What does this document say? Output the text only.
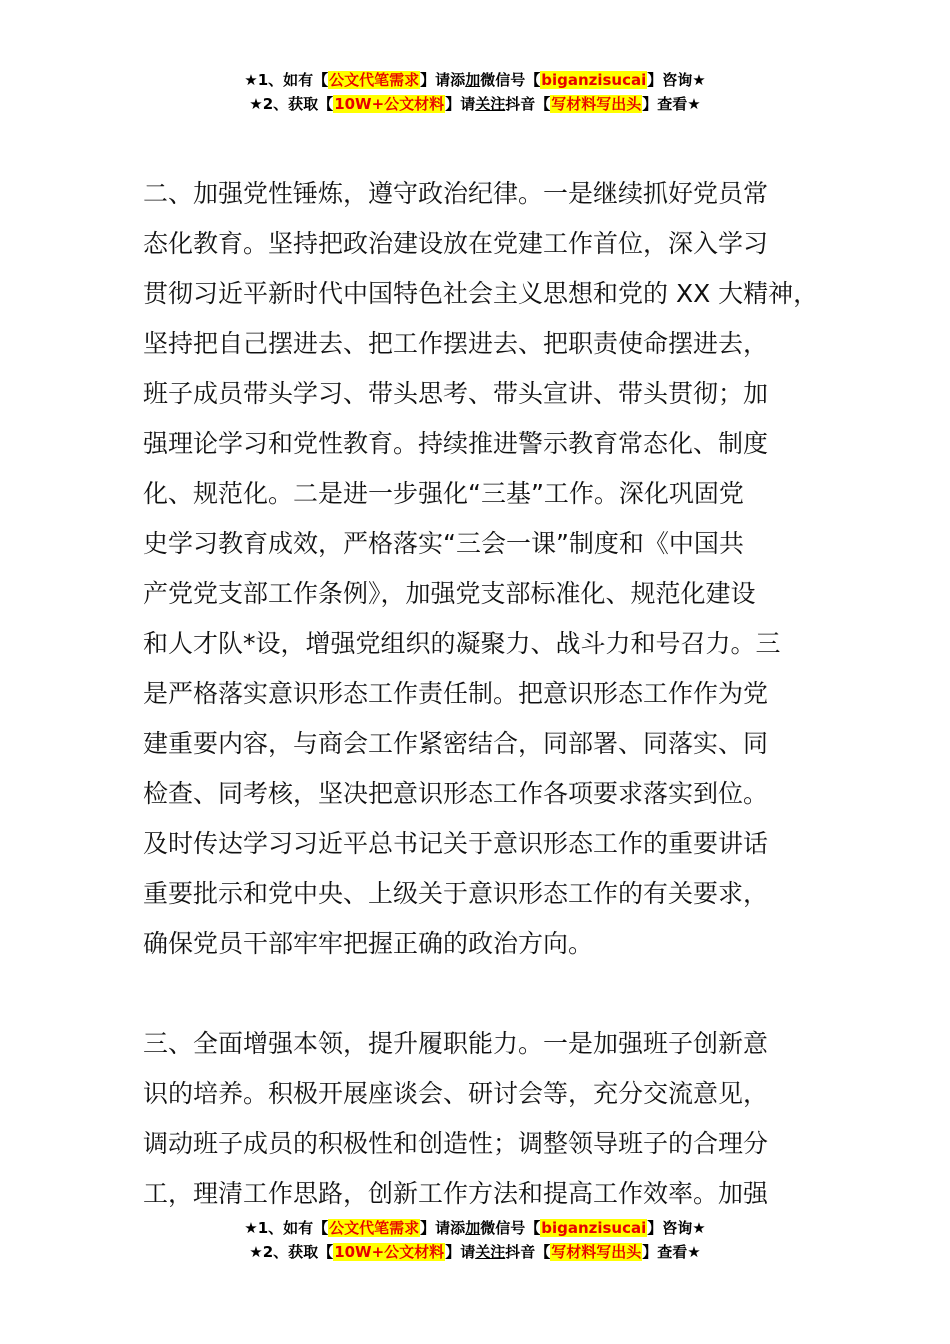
★1、如有【公文代笔需求】请添加微信号【biganzisucai】咨询★
★2、获取【10W+公文材料】请关注抖音【写材料写出头】查看★
二、加强党性锤炼，遵守政治纪律。一是继续抓好党员常
态化教育。坚持把政治建设放在党建工作首位，深入学习
贯彻习近平新时代中国特色社会主义思想和党的 XX 大精神，
坚持把自己摆进去、把工作摆进去、把职责使命摆进去，
班子成员带头学习、带头思考、带头宣讲、带头贯彻；加
强理论学习和党性教育。持续推进警示教育常态化、制度
化、规范化。二是进一步强化“三基”工作。深化巩固党
史学习教育成效，严格落实“三会一课”制度和《中国共
产党党支部工作条例》，加强党支部标准化、规范化建设
和人才队*设，增强党组织的凝聚力、战斗力和号召力。三
是严格落实意识形态工作责任制。把意识形态工作作为党
建重要内容，与商会工作紧密结合，同部署、同落实、同
检查、同考核，坚决把意识形态工作各项要求落实到位。
及时传达学习习近平总书记关于意识形态工作的重要讲话
重要批示和党中央、上级关于意识形态工作的有关要求，
确保党员干部牢牢把握正确的政治方向。
三、全面增强本领，提升履职能力。一是加强班子创新意
识的培养。积极开展座谈会、研讨会等，充分交流意见，
调动班子成员的积极性和创造性；调整领导班子的合理分
工，理清工作思路，创新工作方法和提高工作效率。加强
★1、如有【公文代笔需求】请添加微信号【biganzisucai】咨询★
★2、获取【10W+公文材料】请关注抖音【写材料写出头】查看★
